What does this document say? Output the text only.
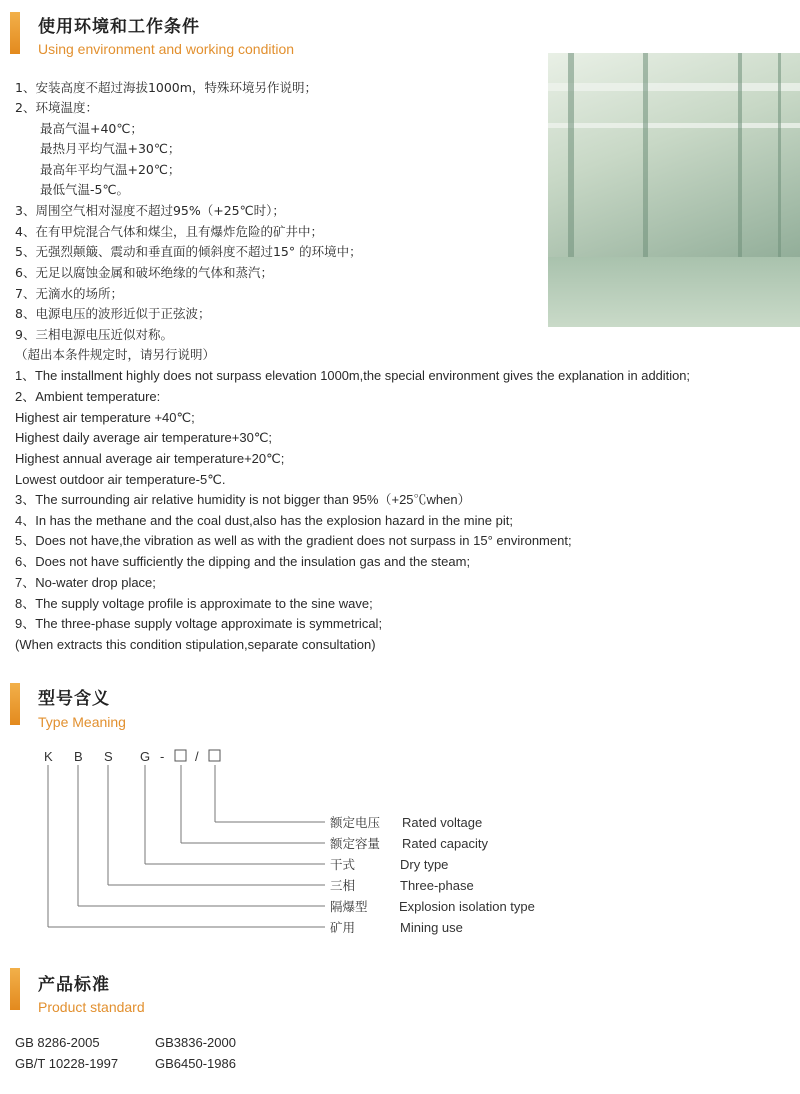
使用环境和工作条件
Using environment and working condition
1、安装高度不超过海拔1000m，特殊环境另作说明；
2、环境温度：
最高气温+40℃；
最热月平均气温+30℃；
最高年平均气温+20℃；
最低气温-5℃。
3、周围空气相对湿度不超过95%（+25℃时）；
4、在有甲烷混合气体和煤尘，且有爆炸危险的矿井中；
5、无强烈颠簸、震动和垂直面的倾斜度不超过15° 的环境中；
6、无足以腐蚀金属和破坏绝缘的气体和蒸汽；
7、无滴水的场所；
8、电源电压的波形近似于正弦波；
9、三相电源电压近似对称。
（超出本条件规定时，请另行说明）
1、The installment highly does not surpass elevation 1000m,the special environment gives the explanation in addition;
2、Ambient temperature:
Highest air temperature +40℃;
Highest daily average air temperature+30℃;
Highest annual average air temperature+20℃;
Lowest outdoor air temperature-5℃.
3、The surrounding air relative humidity is not bigger than 95%（+25℃when）
4、In has the methane and the coal dust,also has the explosion hazard in the mine pit;
5、Does not have,the vibration as well as with the gradient does not surpass in 15° environment;
6、Does not have sufficiently the dipping and the insulation gas and the steam;
7、No-water drop place;
8、The supply voltage profile is approximate to the sine wave;
9、The three-phase supply voltage approximate is symmetrical;
(When extracts this condition stipulation,separate consultation)
型号含义
Type Meaning
K B S G - /
额定电压 Rated voltage
额定容量 Rated capacity
干式	Dry type
三相	Three-phase
隔爆型 Explosion isolation type
矿用	Mining use
产品标准
Product standard
GB 8286-2005	GB3836-2000
GB/T 10228-1997	GB6450-1986
